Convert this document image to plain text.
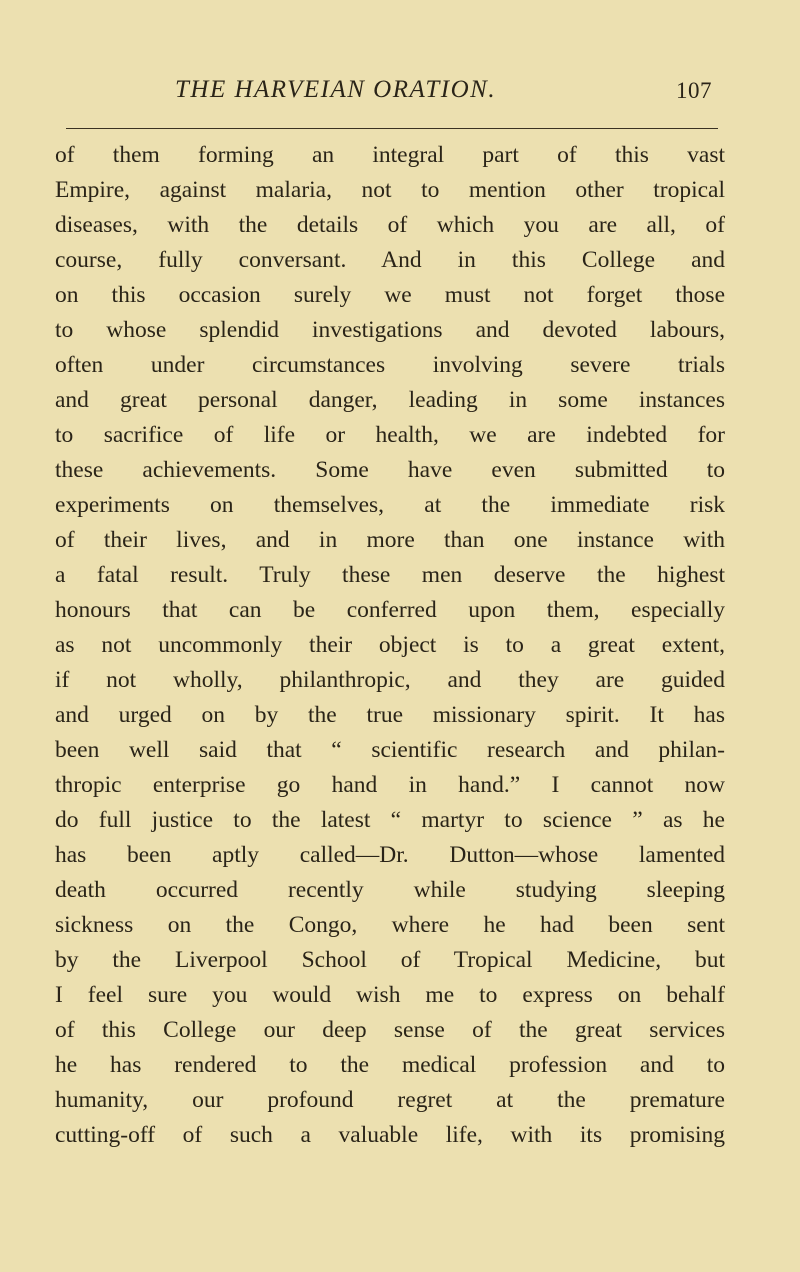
THE HARVEIAN ORATION.	107
of them forming an integral part of this vast
Empire, against malaria, not to mention other tropical
diseases, with the details of which you are all, of
course, fully conversant. And in this College and
on this occasion surely we must not forget those
to whose splendid investigations and devoted labours,
often under circumstances involving severe trials
and great personal danger, leading in some instances
to sacrifice of life or health, we are indebted for
these achievements. Some have even submitted to
experiments on themselves, at the immediate risk
of their lives, and in more than one instance with
a fatal result. Truly these men deserve the highest
honours that can be conferred upon them, especially
as not uncommonly their object is to a great extent,
if not wholly, philanthropic, and they are guided
and urged on by the true missionary spirit. It has
been well said that “ scientific research and philan-
thropic enterprise go hand in hand.” I cannot now
do full justice to the latest “ martyr to science ” as he
has been aptly called—Dr. Dutton—whose lamented
death occurred recently while studying sleeping
sickness on the Congo, where he had been sent
by the Liverpool School of Tropical Medicine, but
I feel sure you would wish me to express on behalf
of this College our deep sense of the great services
he has rendered to the medical profession and to
humanity, our profound regret at the premature
cutting-off of such a valuable life, with its promising
